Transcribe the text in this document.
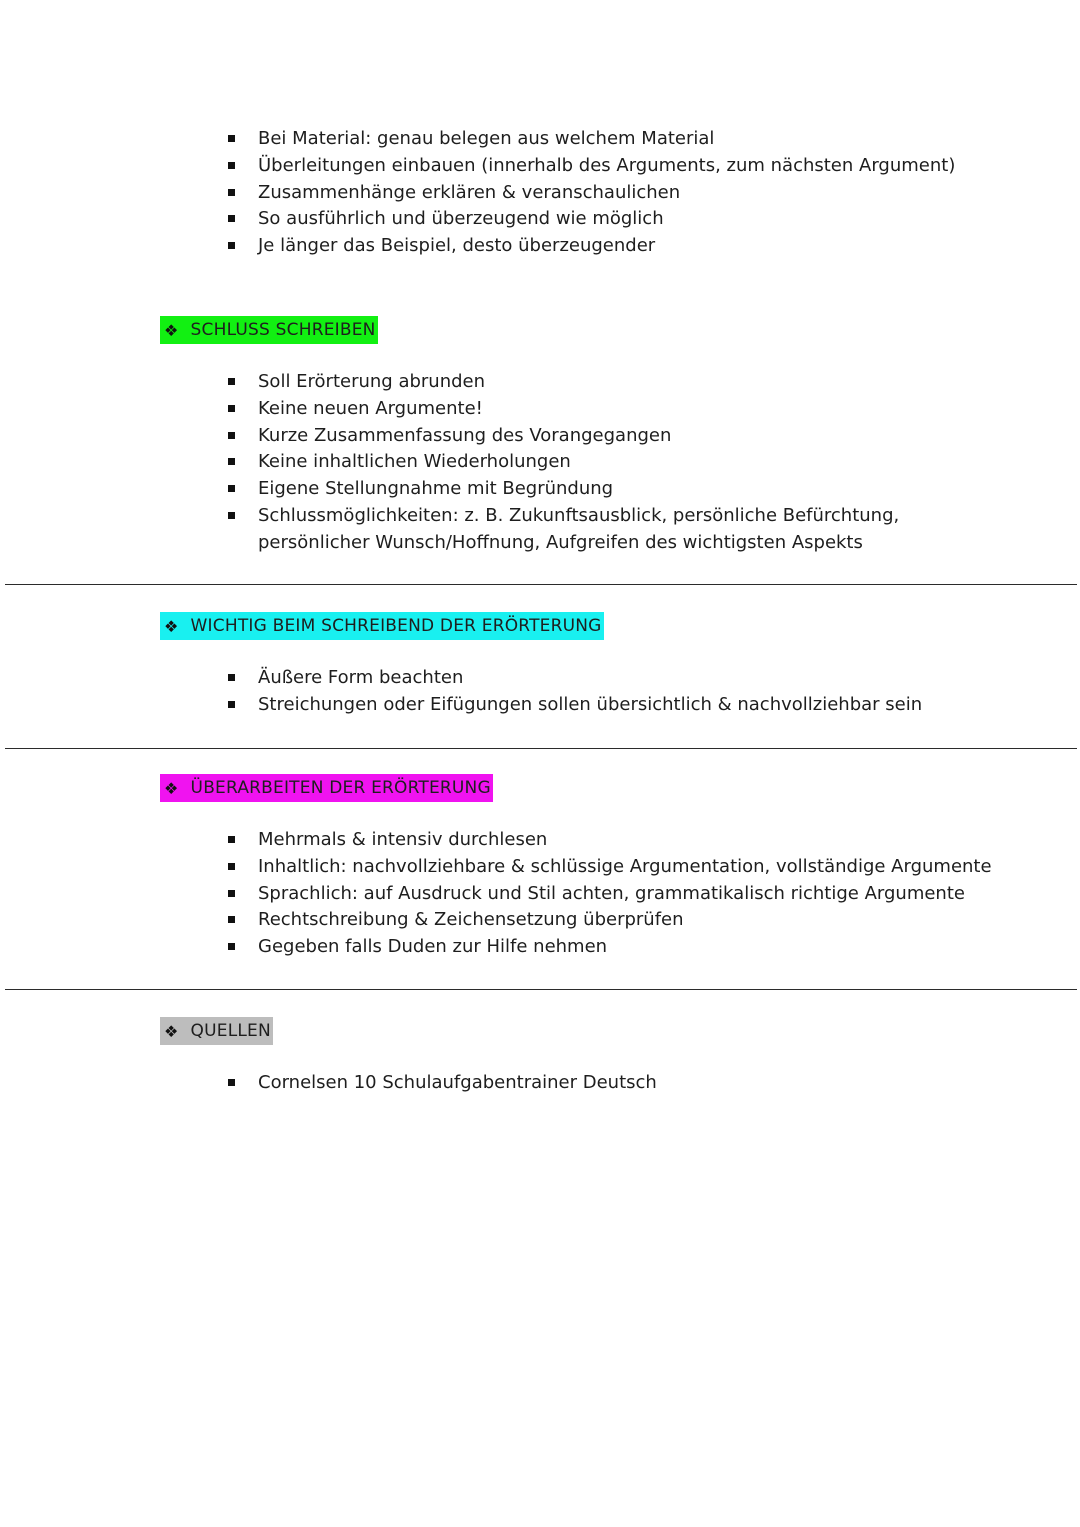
Bei Material: genau belegen aus welchem Material
Überleitungen einbauen (innerhalb des Arguments, zum nächsten Argument)
Zusammenhänge erklären & veranschaulichen
So ausführlich und überzeugend wie möglich
Je länger das Beispiel, desto überzeugender
❖ SCHLUSS SCHREIBEN
Soll Erörterung abrunden
Keine neuen Argumente!
Kurze Zusammenfassung des Vorangegangen
Keine inhaltlichen Wiederholungen
Eigene Stellungnahme mit Begründung
Schlussmöglichkeiten: z. B. Zukunftsausblick, persönliche Befürchtung,
persönlicher Wunsch/Hoffnung, Aufgreifen des wichtigsten Aspekts
❖ WICHTIG BEIM SCHREIBEND DER ERÖRTERUNG
Äußere Form beachten
Streichungen oder Eifügungen sollen übersichtlich & nachvollziehbar sein
❖ ÜBERARBEITEN DER ERÖRTERUNG
Mehrmals & intensiv durchlesen
Inhaltlich: nachvollziehbare & schlüssige Argumentation, vollständige Argumente
Sprachlich: auf Ausdruck und Stil achten, grammatikalisch richtige Argumente
Rechtschreibung & Zeichensetzung überprüfen
Gegeben falls Duden zur Hilfe nehmen
❖ QUELLEN
Cornelsen 10 Schulaufgabentrainer Deutsch
